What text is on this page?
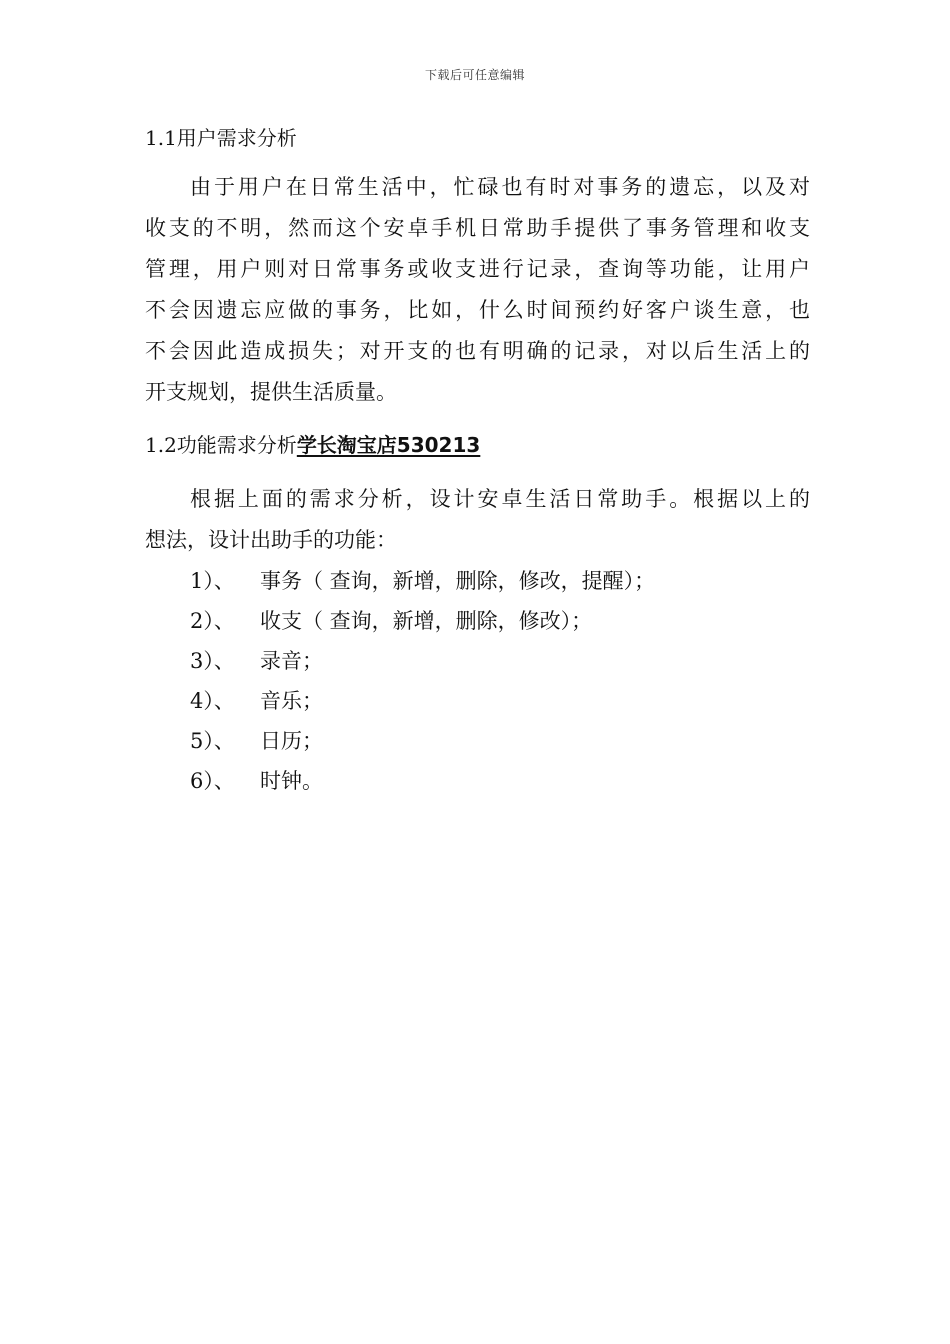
下载后可任意编辑
1.1用户需求分析
由于用户在日常生活中，忙碌也有时对事务的遗忘，以及对
收支的不明，然而这个安卓手机日常助手提供了事务管理和收支
管理，用户则对日常事务或收支进行记录，查询等功能，让用户
不会因遗忘应做的事务，比如，什么时间预约好客户谈生意，也
不会因此造成损失；对开支的也有明确的记录，对以后生活上的
开支规划，提供生活质量。
1.2功能需求分析学长淘宝店530213
根据上面的需求分析，设计安卓生活日常助手。根据以上的
想法，设计出助手的功能：
1）、	事务（ 查询，新增，删除，修改，提醒）；
2）、	收支（ 查询，新增，删除，修改）；
3）、	录音；
4）、	音乐；
5）、	日历；
6）、	时钟。
